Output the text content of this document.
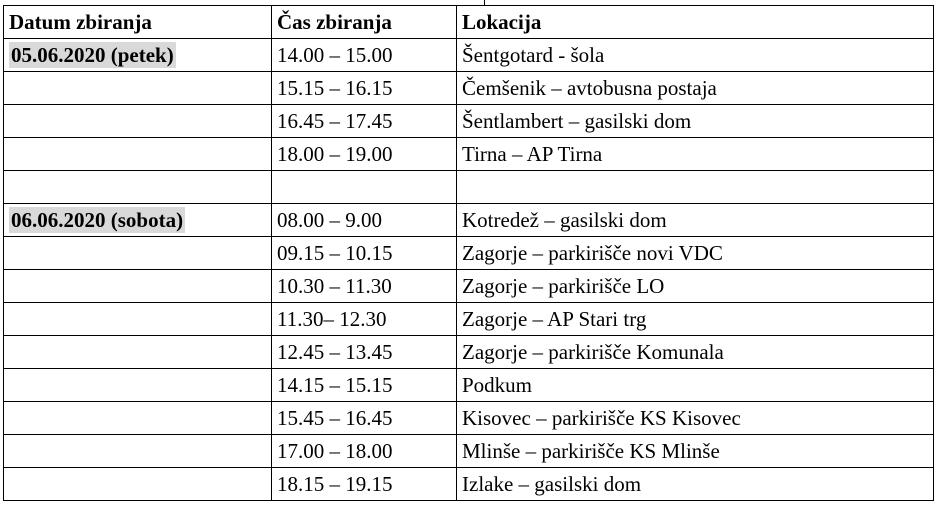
Datum zbiranja	Čas zbiranja	Lokacija
05.06.2020 (petek)	14.00 – 15.00	Šentgotard - šola
	15.15 – 16.15	Čemšenik – avtobusna postaja
	16.45 – 17.45	Šentlambert – gasilski dom
	18.00 – 19.00	Tirna – AP Tirna

06.06.2020 (sobota)	08.00 – 9.00	Kotredež – gasilski dom
	09.15 – 10.15	Zagorje – parkirišče novi VDC
	10.30 – 11.30	Zagorje – parkirišče LO
	11.30– 12.30	Zagorje – AP Stari trg
	12.45 – 13.45	Zagorje – parkirišče Komunala
	14.15 – 15.15	Podkum
	15.45 – 16.45	Kisovec – parkirišče KS Kisovec
	17.00 – 18.00	Mlinše – parkirišče KS Mlinše
	18.15 – 19.15	Izlake – gasilski dom
